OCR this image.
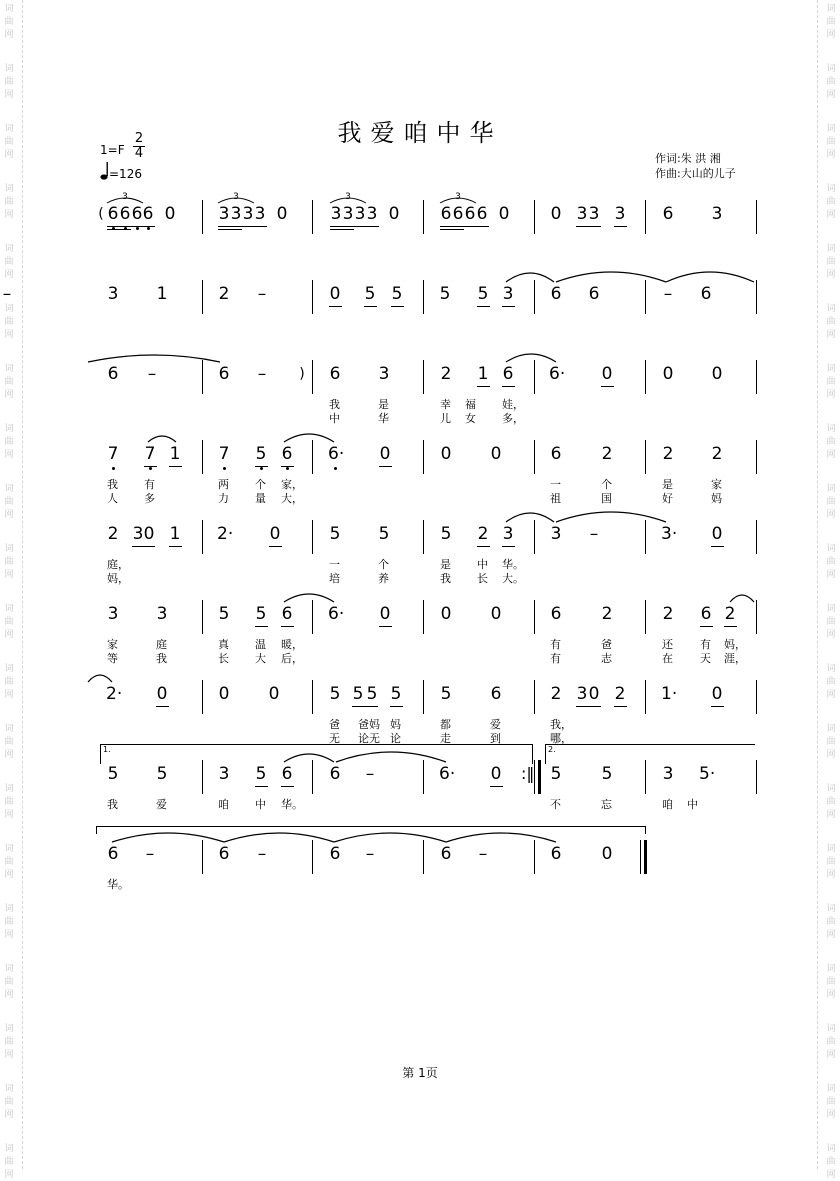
词
曲
网
词
曲
网
词
曲
网
词
曲
网
词
曲
网
词
曲
网
词
曲
网
词
曲
网
词
曲
网
词
曲
网
词
曲
网
词
曲
网
词
曲
网
词
曲
网
词
曲
网
词
曲
网
词
曲
网
词
曲
网
词
曲
网
词
曲
网
词
曲
网
词
曲
网
词
曲
网
词
曲
网
词
曲
网
词
曲
网
词
曲
网
词
曲
网
词
曲
网
词
曲
网
词
曲
网
词
曲
网
词
曲
网
词
曲
网
词
曲
网
词
曲
网
词
曲
网
词
曲
网
词
曲
网
词
曲
网
我爱咱中华
1=F
2
4
=126
作词:朱 洪 湘
作曲:大山的儿子
( 6 6 6 6 0	3 3 3 3 0	3 3 3 3 0 6 6 6 6 0 0 3 3 3 6 3
3 1	2 –	0 5 5 5 5 3 6 6	– 6
–
6 –	6 –	) 6 3	2 1 6 6· 0	0 0
我	是	幸 福 娃，
中	华	儿 女 多，
7 7 1 7 5 6 6· 0	0 0	6 2	2 2
我 有	两 个 家，	一	个	是	家
人 多	力 量 大，	祖	国	好	妈
2 3 0 1 2· 0	5 5	5 2 3 3 –	3· 0
庭，	一	个	是 中 华。
妈，	培	养	我 长 大。
3 3	5 5 6 6· 0	0 0	6 2	2 6 2
家	庭	真 温 暖，	有	爸	还 有 妈，
等	我	长 大 后，	有	志	在 天 涯，
2· 0	0 0	5 5 5 5 5 6	2 3 0 2 1· 0
爸 爸妈 妈	都	爱	我，
无 论无 论	走	到	哪，
5 5	3 5 6 6 –	6· 0 :‖ 5 5	3 5·
我	爱	咱 中 华。	不	忘	咱 中
1.	2.
6 –	6 –	6 –	6 –	6 0
华。
3	3	3	3
第 1页
